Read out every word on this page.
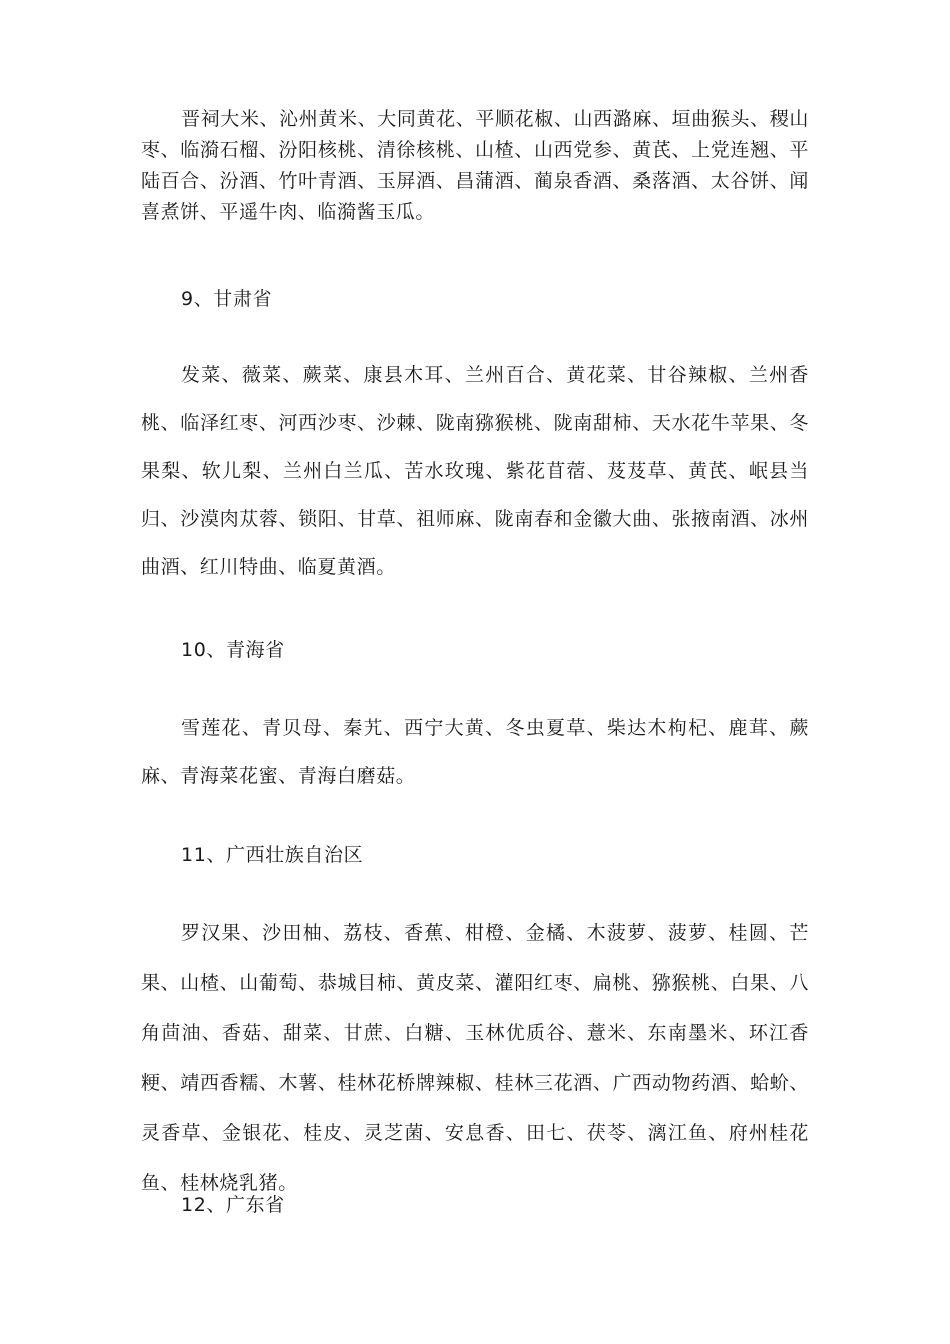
晋祠大米、沁州黄米、大同黄花、平顺花椒、山西潞麻、垣曲猴头、稷山枣、临漪石榴、汾阳核桃、清徐核桃、山楂、山西党参、黄芪、上党连翘、平陆百合、汾酒、竹叶青酒、玉屏酒、昌蒲酒、蔺泉香酒、桑落酒、太谷饼、闻喜煮饼、平遥牛肉、临漪酱玉瓜。

9、甘肃省

发菜、薇菜、蕨菜、康县木耳、兰州百合、黄花菜、甘谷辣椒、兰州香桃、临泽红枣、河西沙枣、沙棘、陇南猕猴桃、陇南甜柿、天水花牛苹果、冬果梨、软儿梨、兰州白兰瓜、苦水玫瑰、紫花苜蓿、芨芨草、黄芪、岷县当归、沙漠肉苁蓉、锁阳、甘草、祖师麻、陇南春和金徽大曲、张掖南酒、冰州曲酒、红川特曲、临夏黄酒。

10、青海省

雪莲花、青贝母、秦艽、西宁大黄、冬虫夏草、柴达木枸杞、鹿茸、蕨麻、青海菜花蜜、青海白磨菇。

11、广西壮族自治区

罗汉果、沙田柚、荔枝、香蕉、柑橙、金橘、木菠萝、菠萝、桂圆、芒果、山楂、山葡萄、恭城目柿、黄皮菜、灌阳红枣、扁桃、猕猴桃、白果、八角茴油、香菇、甜菜、甘蔗、白糖、玉林优质谷、薏米、东南墨米、环江香粳、靖西香糯、木薯、桂林花桥牌辣椒、桂林三花酒、广西动物药酒、蛤蚧、灵香草、金银花、桂皮、灵芝菌、安息香、田七、茯苓、漓江鱼、府州桂花鱼、桂林烧乳猪。

12、广东省
